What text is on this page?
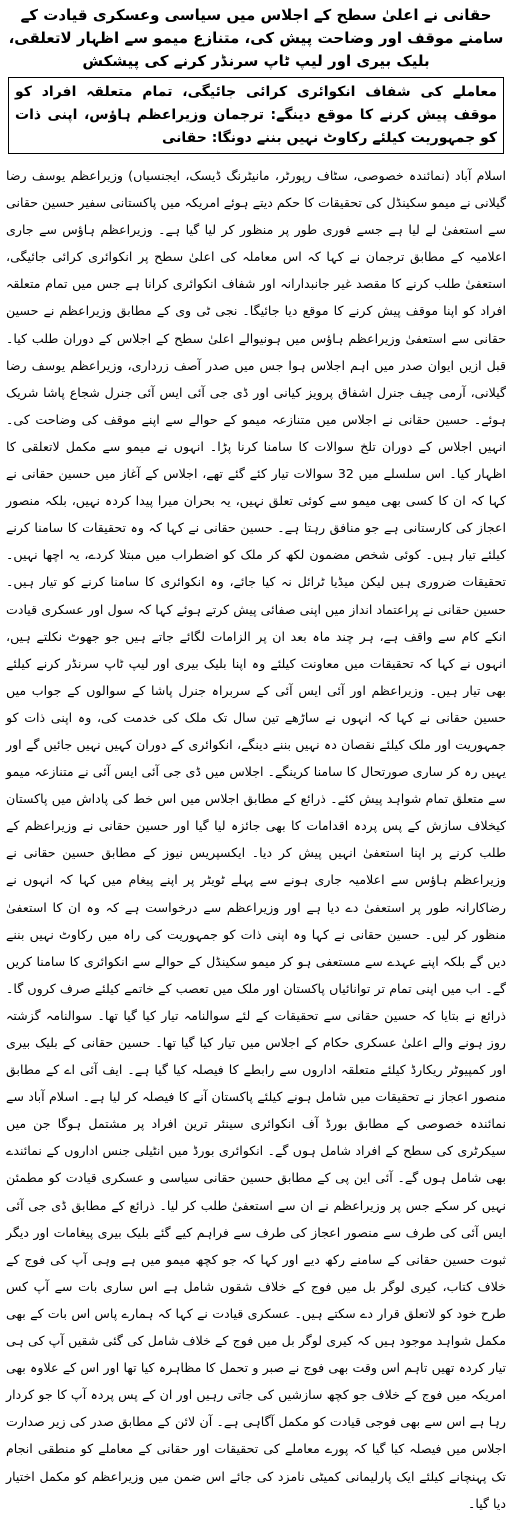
حقانی نے اعلیٰ سطح کے اجلاس میں سیاسی وعسکری قیادت کے سامنے موقف اور وضاحت پیش کی، متنازع میمو سے اظہار لاتعلقی، بلیک بیری اور لیپ ٹاپ سرنڈر کرنے کی پیشکش
معاملے کی شفاف انکوائری کرائی جائیگی، تمام متعلقہ افراد کو موقف پیش کرنے کا موقع دینگے: ترجمان وزیراعظم ہاؤس، اپنی ذات کو جمہوریت کیلئے رکاوٹ نہیں بننے دونگا: حقانی

اسلام آباد (نمائندہ خصوصی، سٹاف رپورٹر، مانیٹرنگ ڈیسک، ایجنسیاں) وزیراعظم یوسف رضا گیلانی نے میمو سکینڈل کی تحقیقات کا حکم دیتے ہوئے امریکہ میں پاکستانی سفیر حسین حقانی سے استعفیٰ لے لیا ہے جسے فوری طور پر منظور کر لیا گیا ہے۔ وزیراعظم ہاؤس سے جاری اعلامیہ کے مطابق ترجمان نے کہا کہ اس معاملہ کی اعلیٰ سطح پر انکوائری کرائی جائیگی، استعفیٰ طلب کرنے کا مقصد غیر جانبدارانہ اور شفاف انکوائری کرانا ہے جس میں تمام متعلقہ افراد کو اپنا موقف پیش کرنے کا موقع دیا جائیگا۔ نجی ٹی وی کے مطابق وزیراعظم نے حسین حقانی سے استعفیٰ وزیراعظم ہاؤس میں ہونیوالے اعلیٰ سطح کے اجلاس کے دوران طلب کیا۔ قبل ازیں ایوان صدر میں اہم اجلاس ہوا جس میں صدر آصف زرداری، وزیراعظم یوسف رضا گیلانی، آرمی چیف جنرل اشفاق پرویز کیانی اور ڈی جی آئی ایس آئی جنرل شجاع پاشا شریک ہوئے۔ حسین حقانی نے اجلاس میں متنازعہ میمو کے حوالے سے اپنے موقف کی وضاحت کی۔ انہیں اجلاس کے دوران تلخ سوالات کا سامنا کرنا پڑا۔ انہوں نے میمو سے مکمل لاتعلقی کا اظہار کیا۔ اس سلسلے میں 32 سوالات تیار کئے گئے تھے، اجلاس کے آغاز میں حسین حقانی نے کہا کہ ان کا کسی بھی میمو سے کوئی تعلق نہیں، یہ بحران میرا پیدا کردہ نہیں، بلکہ منصور اعجاز کی کارستانی ہے جو منافق رہتا ہے۔ حسین حقانی نے کہا کہ وہ تحقیقات کا سامنا کرنے کیلئے تیار ہیں۔ کوئی شخص مضمون لکھ کر ملک کو اضطراب میں مبتلا کردے، یہ اچھا نہیں۔ تحقیقات ضروری ہیں لیکن میڈیا ٹرائل نہ کیا جائے، وہ انکوائری کا سامنا کرنے کو تیار ہیں۔ حسین حقانی نے پراعتماد انداز میں اپنی صفائی پیش کرتے ہوئے کہا کہ سول اور عسکری قیادت انکے کام سے واقف ہے، ہر چند ماہ بعد ان پر الزامات لگائے جاتے ہیں جو جھوٹ نکلتے ہیں، انہوں نے کہا کہ تحقیقات میں معاونت کیلئے وہ اپنا بلیک بیری اور لیپ ٹاپ سرنڈر کرنے کیلئے بھی تیار ہیں۔ وزیراعظم اور آئی ایس آئی کے سربراہ جنرل پاشا کے سوالوں کے جواب میں حسین حقانی نے کہا کہ انہوں نے ساڑھے تین سال تک ملک کی خدمت کی، وہ اپنی ذات کو جمہوریت اور ملک کیلئے نقصان دہ نہیں بننے دینگے، انکوائری کے دوران کہیں نہیں جائیں گے اور یہیں رہ کر ساری صورتحال کا سامنا کرینگے۔ اجلاس میں ڈی جی آئی ایس آئی نے متنازعہ میمو سے متعلق تمام شواہد پیش کئے۔ ذرائع کے مطابق اجلاس میں اس خط کی پاداش میں پاکستان کیخلاف سازش کے پس پردہ اقدامات کا بھی جائزہ لیا گیا اور حسین حقانی نے وزیراعظم کے طلب کرنے پر اپنا استعفیٰ انہیں پیش کر دیا۔ ایکسپریس نیوز کے مطابق حسین حقانی نے وزیراعظم ہاؤس سے اعلامیہ جاری ہونے سے پہلے ٹویٹر پر اپنے پیغام میں کہا کہ انہوں نے رضاکارانہ طور پر استعفیٰ دے دیا ہے اور وزیراعظم سے درخواست ہے کہ وہ ان کا استعفیٰ منظور کر لیں۔ حسین حقانی نے کہا وہ اپنی ذات کو جمہوریت کی راہ میں رکاوٹ نہیں بننے دیں گے بلکہ اپنے عہدے سے مستعفی ہو کر میمو سکینڈل کے حوالے سے انکوائری کا سامنا کریں گے۔ اب میں اپنی تمام تر توانائیاں پاکستان اور ملک میں تعصب کے خاتمے کیلئے صرف کروں گا۔ ذرائع نے بتایا کہ حسین حقانی سے تحقیقات کے لئے سوالنامہ تیار کیا گیا تھا۔ سوالنامہ گزشتہ روز ہونے والے اعلیٰ عسکری حکام کے اجلاس میں تیار کیا گیا تھا۔ حسین حقانی کے بلیک بیری اور کمپیوٹر ریکارڈ کیلئے متعلقہ اداروں سے رابطے کا فیصلہ کیا گیا ہے۔ ایف آئی اے کے مطابق منصور اعجاز نے تحقیقات میں شامل ہونے کیلئے پاکستان آنے کا فیصلہ کر لیا ہے۔ اسلام آباد سے نمائندہ خصوصی کے مطابق بورڈ آف انکوائری سینئر ترین افراد پر مشتمل ہوگا جن میں سیکرٹری کی سطح کے افراد شامل ہوں گے۔ انکوائری بورڈ میں انٹیلی جنس اداروں کے نمائندے بھی شامل ہوں گے۔ آئی این پی کے مطابق حسین حقانی سیاسی و عسکری قیادت کو مطمئن نہیں کر سکے جس پر وزیراعظم نے ان سے استعفیٰ طلب کر لیا۔ ذرائع کے مطابق ڈی جی آئی ایس آئی کی طرف سے منصور اعجاز کی طرف سے فراہم کیے گئے بلیک بیری پیغامات اور دیگر ثبوت حسین حقانی کے سامنے رکھ دیے اور کہا کہ جو کچھ میمو میں ہے وہی آپ کی فوج کے خلاف کتاب، کیری لوگر بل میں فوج کے خلاف شقوں شامل ہے اس ساری بات سے آپ کس طرح خود کو لاتعلق قرار دے سکتے ہیں۔ عسکری قیادت نے کہا کہ ہمارے پاس اس بات کے بھی مکمل شواہد موجود ہیں کہ کیری لوگر بل میں فوج کے خلاف شامل کی گئی شقیں آپ کی ہی تیار کردہ تھیں تاہم اس وقت بھی فوج نے صبر و تحمل کا مظاہرہ کیا تھا اور اس کے علاوہ بھی امریکہ میں فوج کے خلاف جو کچھ سازشیں کی جاتی رہیں اور ان کے پس پردہ آپ کا جو کردار رہا ہے اس سے بھی فوجی قیادت کو مکمل آگاہی ہے۔ آن لائن کے مطابق صدر کی زیر صدارت اجلاس میں فیصلہ کیا گیا کہ پورے معاملے کی تحقیقات اور حقانی کے معاملے کو منطقی انجام تک پہنچانے کیلئے ایک پارلیمانی کمیٹی نامزد کی جائے اس ضمن میں وزیراعظم کو مکمل اختیار دیا گیا۔
